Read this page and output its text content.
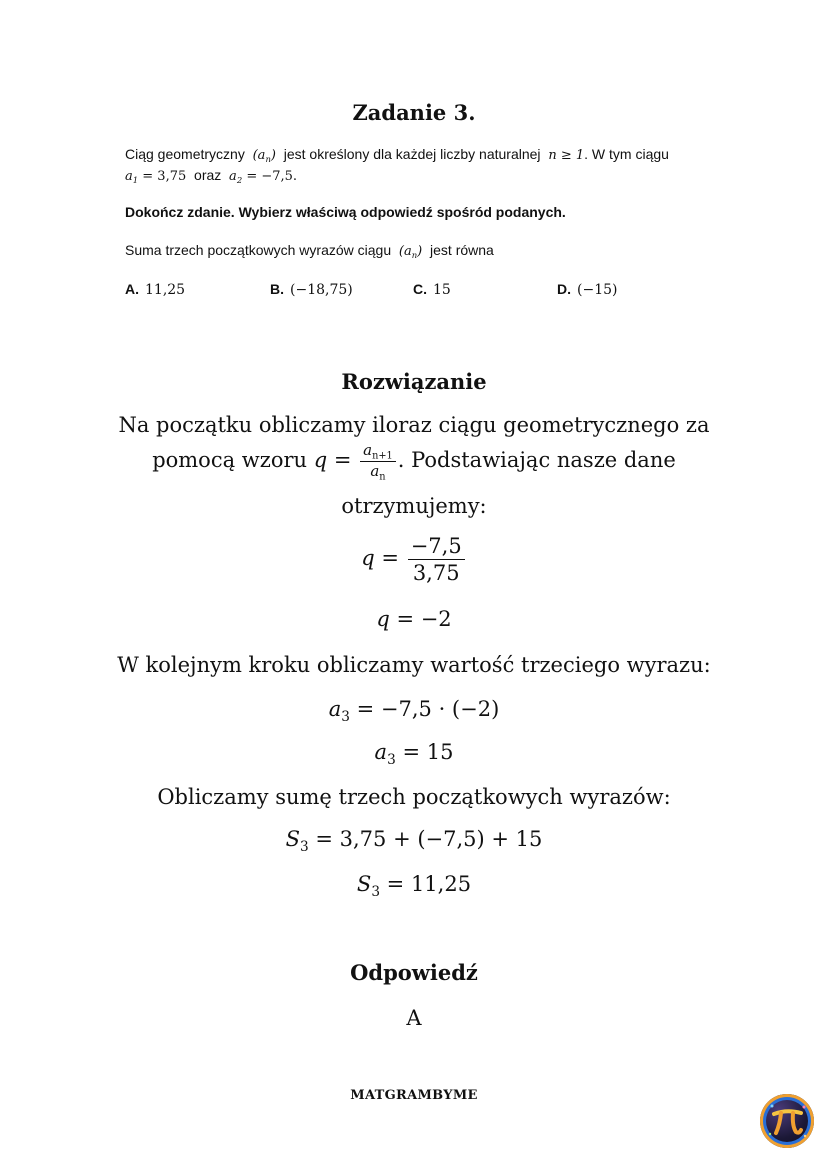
Zadanie 3.
Ciąg geometryczny $(a_n)$ jest określony dla każdej liczby naturalnej n ≥ 1. W tym ciągu
$a_1 = 3,75$ oraz $a_2 = -7,5$.
Dokończ zdanie. Wybierz właściwą odpowiedź spośród podanych.
Suma trzech początkowych wyrazów ciągu $(a_n)$ jest równa
A. 11,25	B. (−18,75)	C. 15	D. (−15)
Rozwiązanie
Na początku obliczamy iloraz ciągu geometrycznego za
pomocą wzoru $q = \frac{a_{n+1}}{a_n}$ . Podstawiając nasze dane
otrzymujemy:
$q = \frac{-7,5}{3,75}$
q = −2
W kolejnym kroku obliczamy wartość trzeciego wyrazu:
$a_3 = -7,5 \cdot (-2)$
$a_3 = 15$
Obliczamy sumę trzech początkowych wyrazów:
$S_3 = 3,75 + (-7,5) + 15$
$S_3 = 11,25$
Odpowiedź
A
MATGRAMBYME
